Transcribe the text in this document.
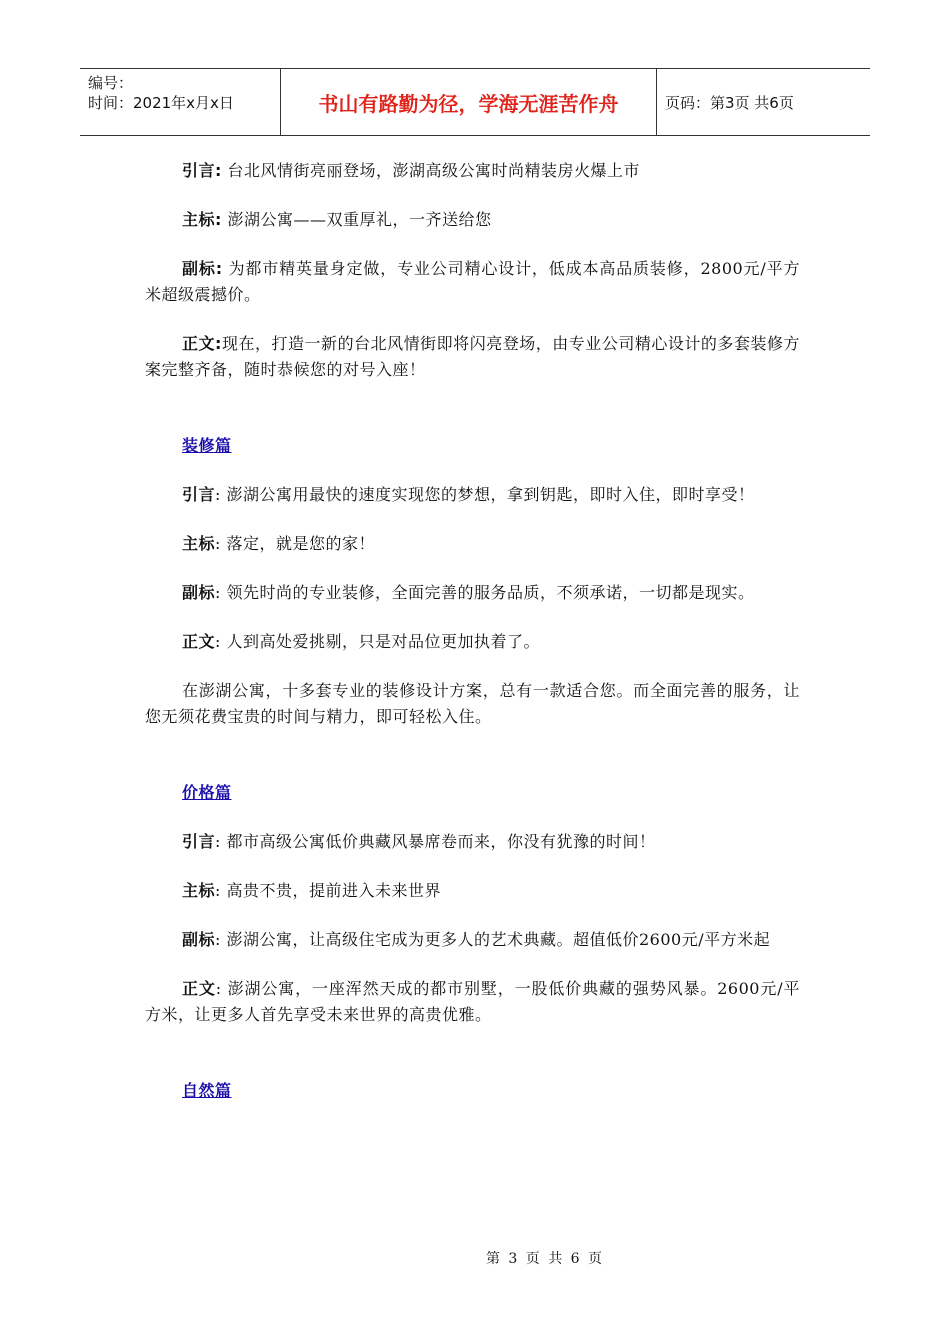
编号：
时间：2021年x月x日	书山有路勤为径，学海无涯苦作舟	页码：第3页 共6页

引言: 台北风情街亮丽登场，澎湖高级公寓时尚精装房火爆上市

主标: 澎湖公寓——双重厚礼，一齐送给您

副标: 为都市精英量身定做，专业公司精心设计，低成本高品质装修，2800元/平方米超级震撼价。

正文:现在，打造一新的台北风情街即将闪亮登场，由专业公司精心设计的多套装修方案完整齐备，随时恭候您的对号入座！

装修篇

引言: 澎湖公寓用最快的速度实现您的梦想，拿到钥匙，即时入住，即时享受！

主标: 落定，就是您的家！

副标: 领先时尚的专业装修，全面完善的服务品质，不须承诺，一切都是现实。

正文: 人到高处爱挑剔，只是对品位更加执着了。

在澎湖公寓，十多套专业的装修设计方案，总有一款适合您。而全面完善的服务，让您无须花费宝贵的时间与精力，即可轻松入住。

价格篇

引言: 都市高级公寓低价典藏风暴席卷而来，你没有犹豫的时间！

主标: 高贵不贵，提前进入未来世界

副标: 澎湖公寓，让高级住宅成为更多人的艺术典藏。超值低价2600元/平方米起

正文: 澎湖公寓，一座浑然天成的都市别墅，一股低价典藏的强势风暴。2600元/平方米，让更多人首先享受未来世界的高贵优雅。

自然篇

第 3 页 共 6 页
